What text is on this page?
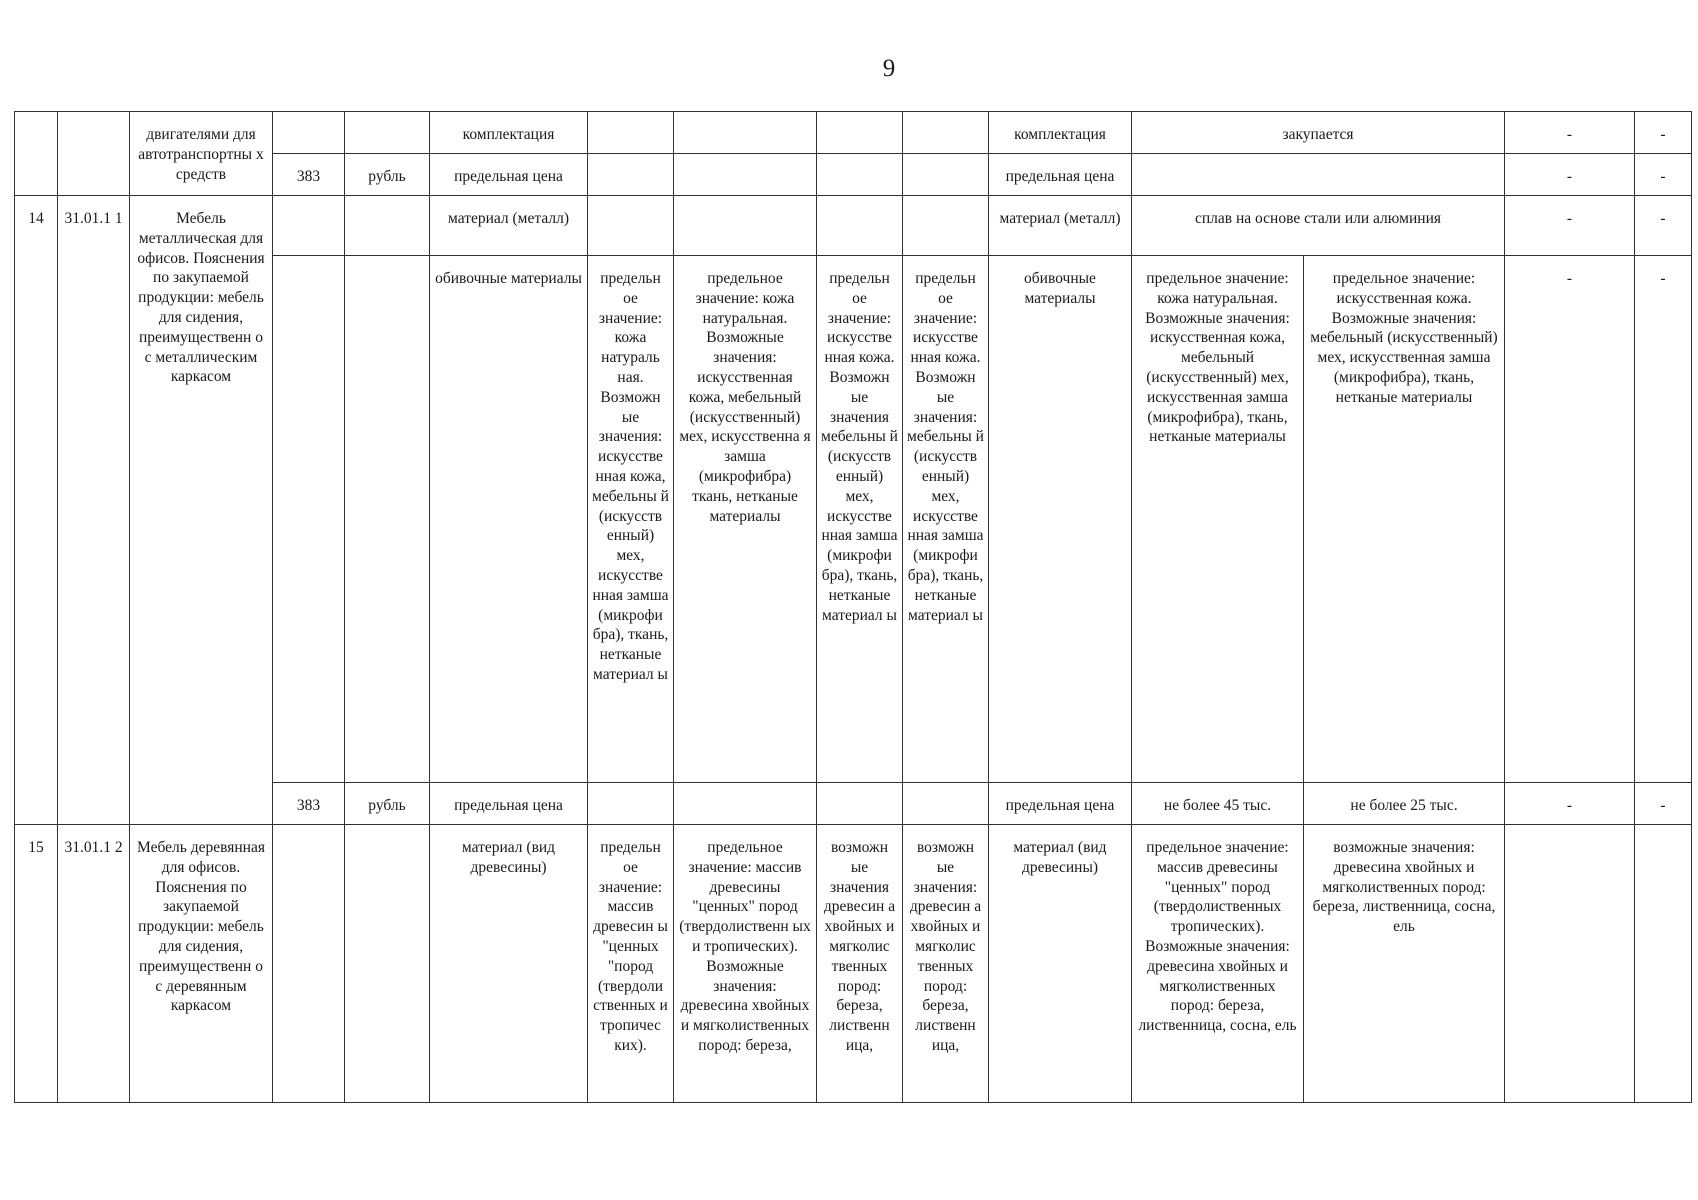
9
		двигателями для автотранспортны х средств			комплектация					комплектация	закупается		-	-
			383	рубль	предельная цена					предельная цена			-	-
14	31.01.1 1	Мебель металлическая для офисов. Пояснения по закупаемой продукции: мебель для сидения, преимущественн о с металлическим каркасом			материал (металл)					материал (металл)	сплав на основе стали или алюминия		-	-
					обивочные материалы	предельн ое значение: кожа натураль ная. Возможн ые значения: искусстве нная кожа, мебельны й (искусств енный) мех, искусстве нная замша (микрофи бра), ткань, нетканые материал ы	предельное значение: кожа натуральная. Возможные значения: искусственная кожа, мебельный (искусственный) мех, искусственна я замша (микрофибра) ткань, нетканые материалы	предельн ое значение: искусстве нная кожа. Возможн ые значения мебельны й (искусств енный) мех, искусстве нная замша (микрофи бра), ткань, нетканые материал ы	предельн ое значение: искусстве нная кожа. Возможн ые значения: мебельны й (искусств енный) мех, искусстве нная замша (микрофи бра), ткань, нетканые материал ы	обивочные материалы	предельное значение: кожа натуральная. Возможные значения: искусственная кожа, мебельный (искусственный) мех, искусственная замша (микрофибра), ткань, нетканые материалы	предельное значение: искусственная кожа. Возможные значения: мебельный (искусственный) мех, искусственная замша (микрофибра), ткань, нетканые материалы	-	-
			383	рубль	предельная цена					предельная цена	не более 45 тыс.	не более 25 тыс.	-	-
15	31.01.1 2	Мебель деревянная для офисов. Пояснения по закупаемой продукции: мебель для сидения, преимущественн о с деревянным каркасом			материал (вид древесины)	предельн ое значение: массив древесин ы "ценных "пород (твердоли ственных и тропичес ких).	предельное значение: массив древесины "ценных" пород (твердолиственн ых и тропических). Возможные значения: древесина хвойных и мягколиственных пород: береза,	возможн ые значения древесин а хвойных и мягколис твенных пород: береза, лиственн ица,	возможн ые значения: древесин а хвойных и мягколис твенных пород: береза, лиственн ица,	материал (вид древесины)	предельное значение: массив древесины "ценных" пород (твердолиственных тропических). Возможные значения: древесина хвойных и мягколиственных пород: береза, лиственница, сосна, ель	возможные значения: древесина хвойных и мягколиственных пород: береза, лиственница, сосна, ель		
